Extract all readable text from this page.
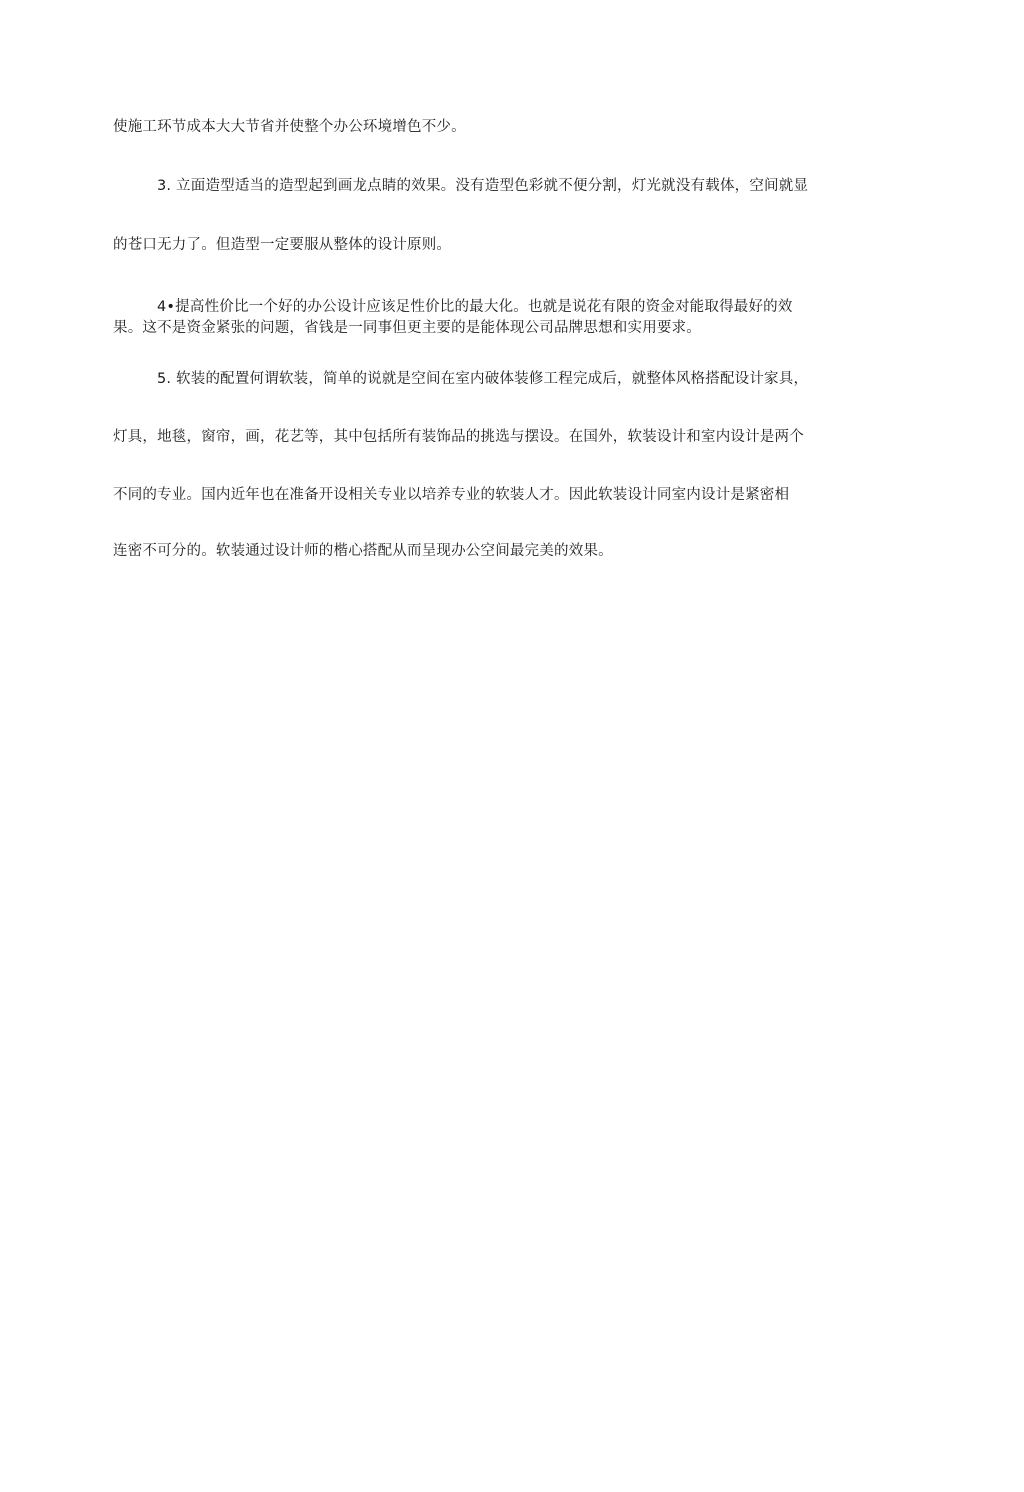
使施工环节成本大大节省并使整个办公环境增色不少。
3. 立面造型适当的造型起到画龙点睛的效果。没有造型色彩就不便分割，灯光就没有载体，空间就显
的苍口无力了。但造型一定要服从整体的设计原则。
4•提高性价比一个好的办公设计应该足性价比的最大化。也就是说花有限的资金对能取得最好的效
果。这不是资金紧张的问题，省钱是一同事但更主要的是能体现公司品牌思想和实用要求。
5. 软装的配置何谓软装，简单的说就是空间在室内破体装修工程完成后，就整体风格搭配设计家具，
灯具，地毯，窗帘，画，花艺等，其中包括所有装饰品的挑选与摆设。在国外，软装设计和室内设计是两个
不同的专业。国内近年也在准备开设相关专业以培养专业的软装人才。因此软装设计同室内设计是紧密相
连密不可分的。软装通过设计师的楷心搭配从而呈现办公空间最完美的效果。
